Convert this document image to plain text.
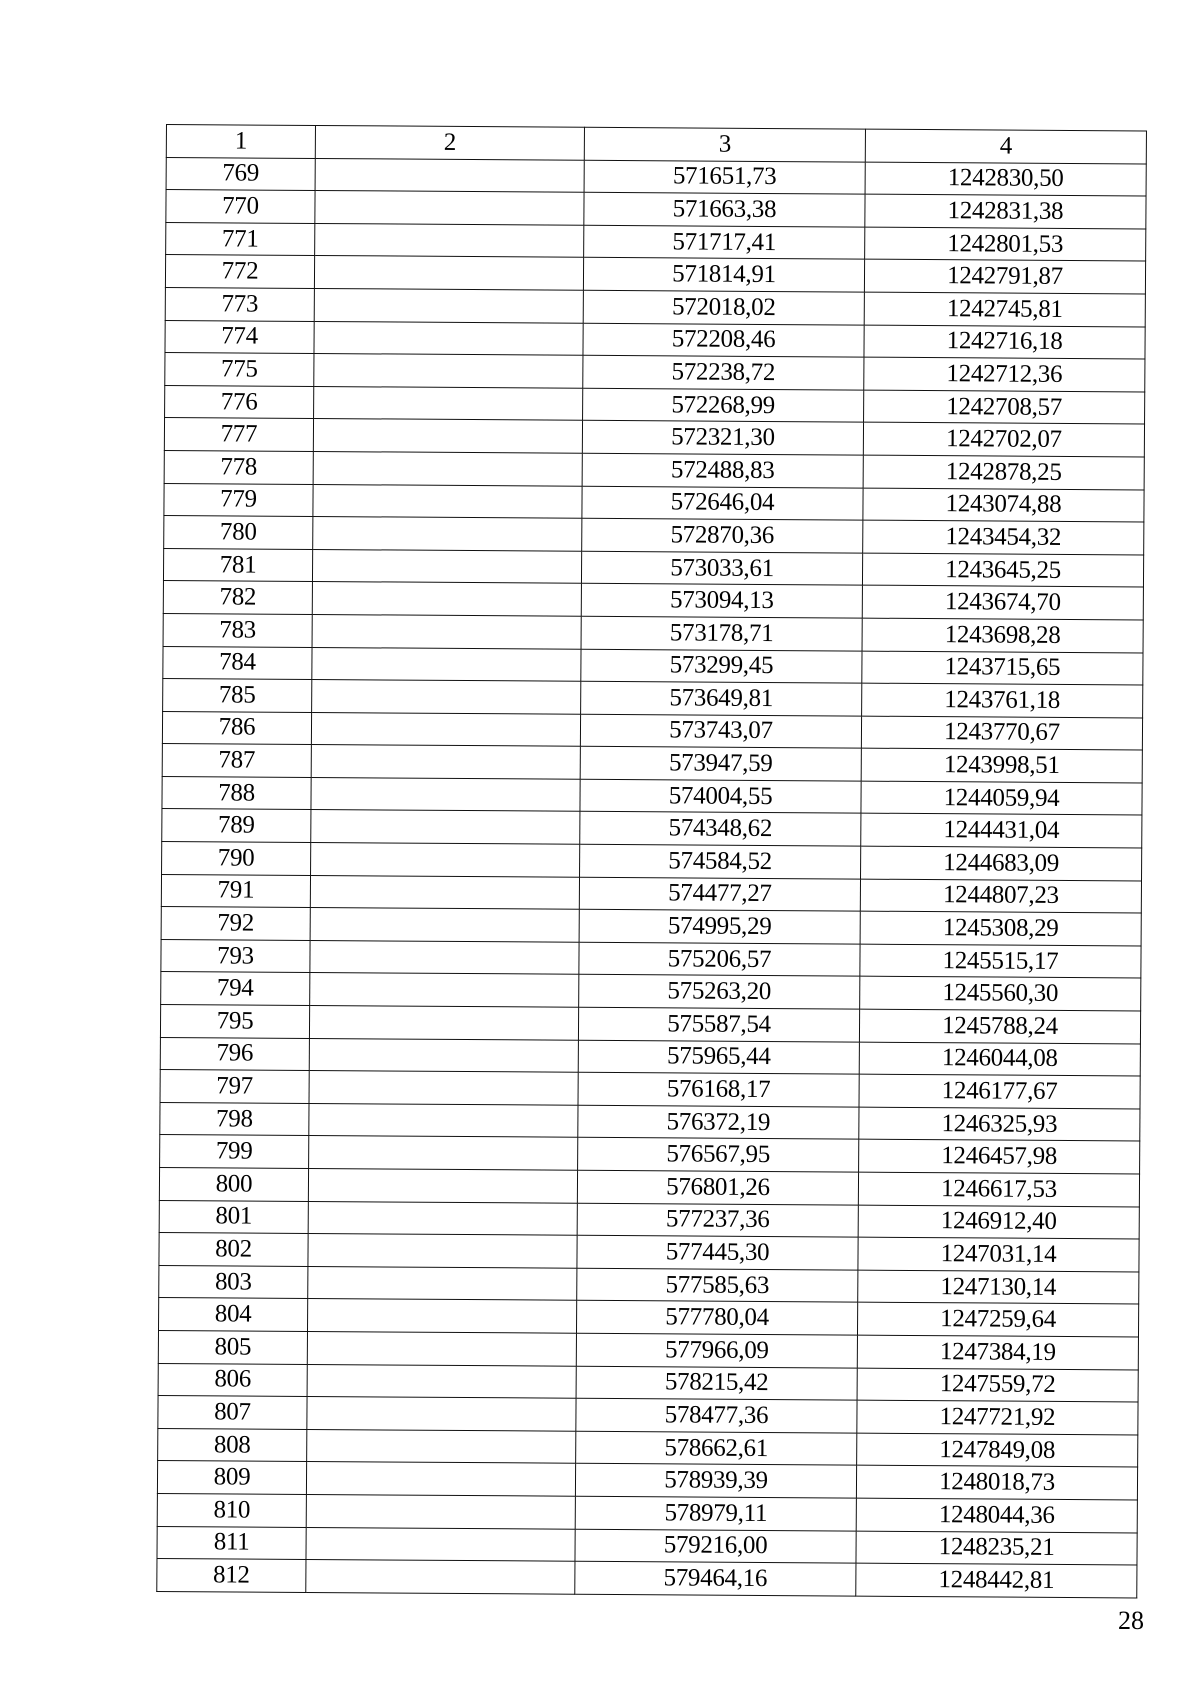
1	2	3	4
769		571651,73	1242830,50
770		571663,38	1242831,38
771		571717,41	1242801,53
772		571814,91	1242791,87
773		572018,02	1242745,81
774		572208,46	1242716,18
775		572238,72	1242712,36
776		572268,99	1242708,57
777		572321,30	1242702,07
778		572488,83	1242878,25
779		572646,04	1243074,88
780		572870,36	1243454,32
781		573033,61	1243645,25
782		573094,13	1243674,70
783		573178,71	1243698,28
784		573299,45	1243715,65
785		573649,81	1243761,18
786		573743,07	1243770,67
787		573947,59	1243998,51
788		574004,55	1244059,94
789		574348,62	1244431,04
790		574584,52	1244683,09
791		574477,27	1244807,23
792		574995,29	1245308,29
793		575206,57	1245515,17
794		575263,20	1245560,30
795		575587,54	1245788,24
796		575965,44	1246044,08
797		576168,17	1246177,67
798		576372,19	1246325,93
799		576567,95	1246457,98
800		576801,26	1246617,53
801		577237,36	1246912,40
802		577445,30	1247031,14
803		577585,63	1247130,14
804		577780,04	1247259,64
805		577966,09	1247384,19
806		578215,42	1247559,72
807		578477,36	1247721,92
808		578662,61	1247849,08
809		578939,39	1248018,73
810		578979,11	1248044,36
811		579216,00	1248235,21
812		579464,16	1248442,81
28
